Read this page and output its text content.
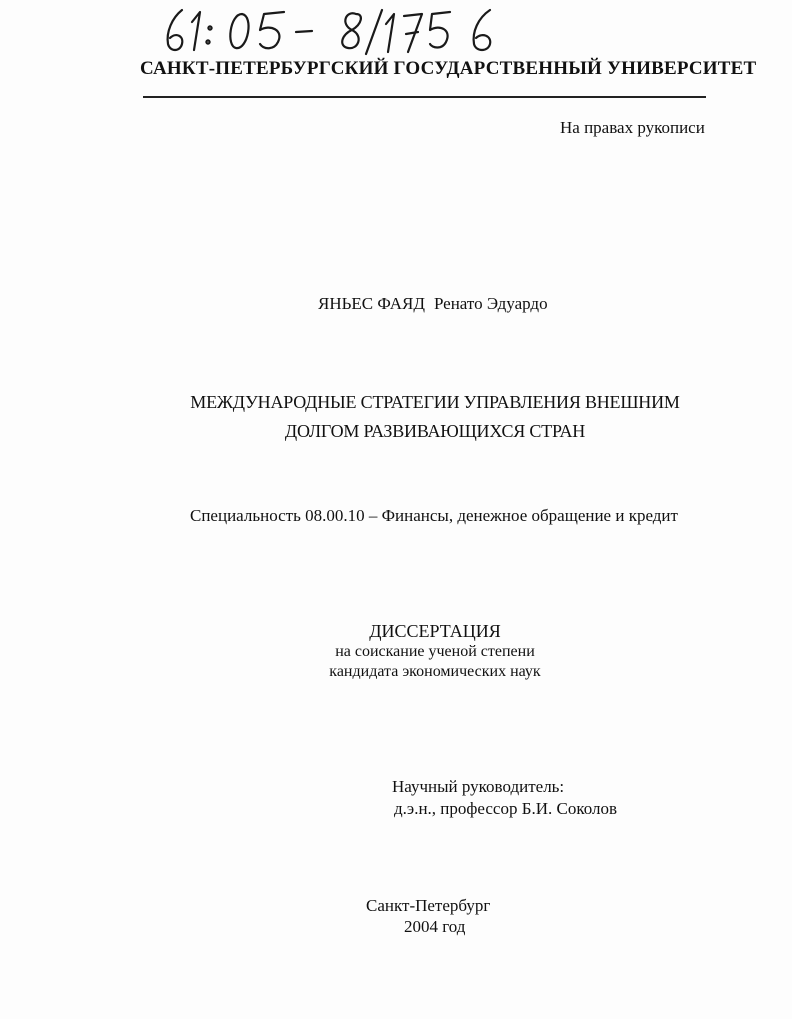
САНКТ-ПЕТЕРБУРГСКИЙ ГОСУДАРСТВЕННЫЙ УНИВЕРСИТЕТ
На правах рукописи
ЯНЬЕС ФАЯД Ренато Эдуардо
МЕЖДУНАРОДНЫЕ СТРАТЕГИИ УПРАВЛЕНИЯ ВНЕШНИМ
ДОЛГОМ РАЗВИВАЮЩИХСЯ СТРАН
Специальность 08.00.10 – Финансы, денежное обращение и кредит
ДИССЕРТАЦИЯ
на соискание ученой степени
кандидата экономических наук
Научный руководитель:
д.э.н., профессор Б.И. Соколов
Санкт-Петербург
2004 год
